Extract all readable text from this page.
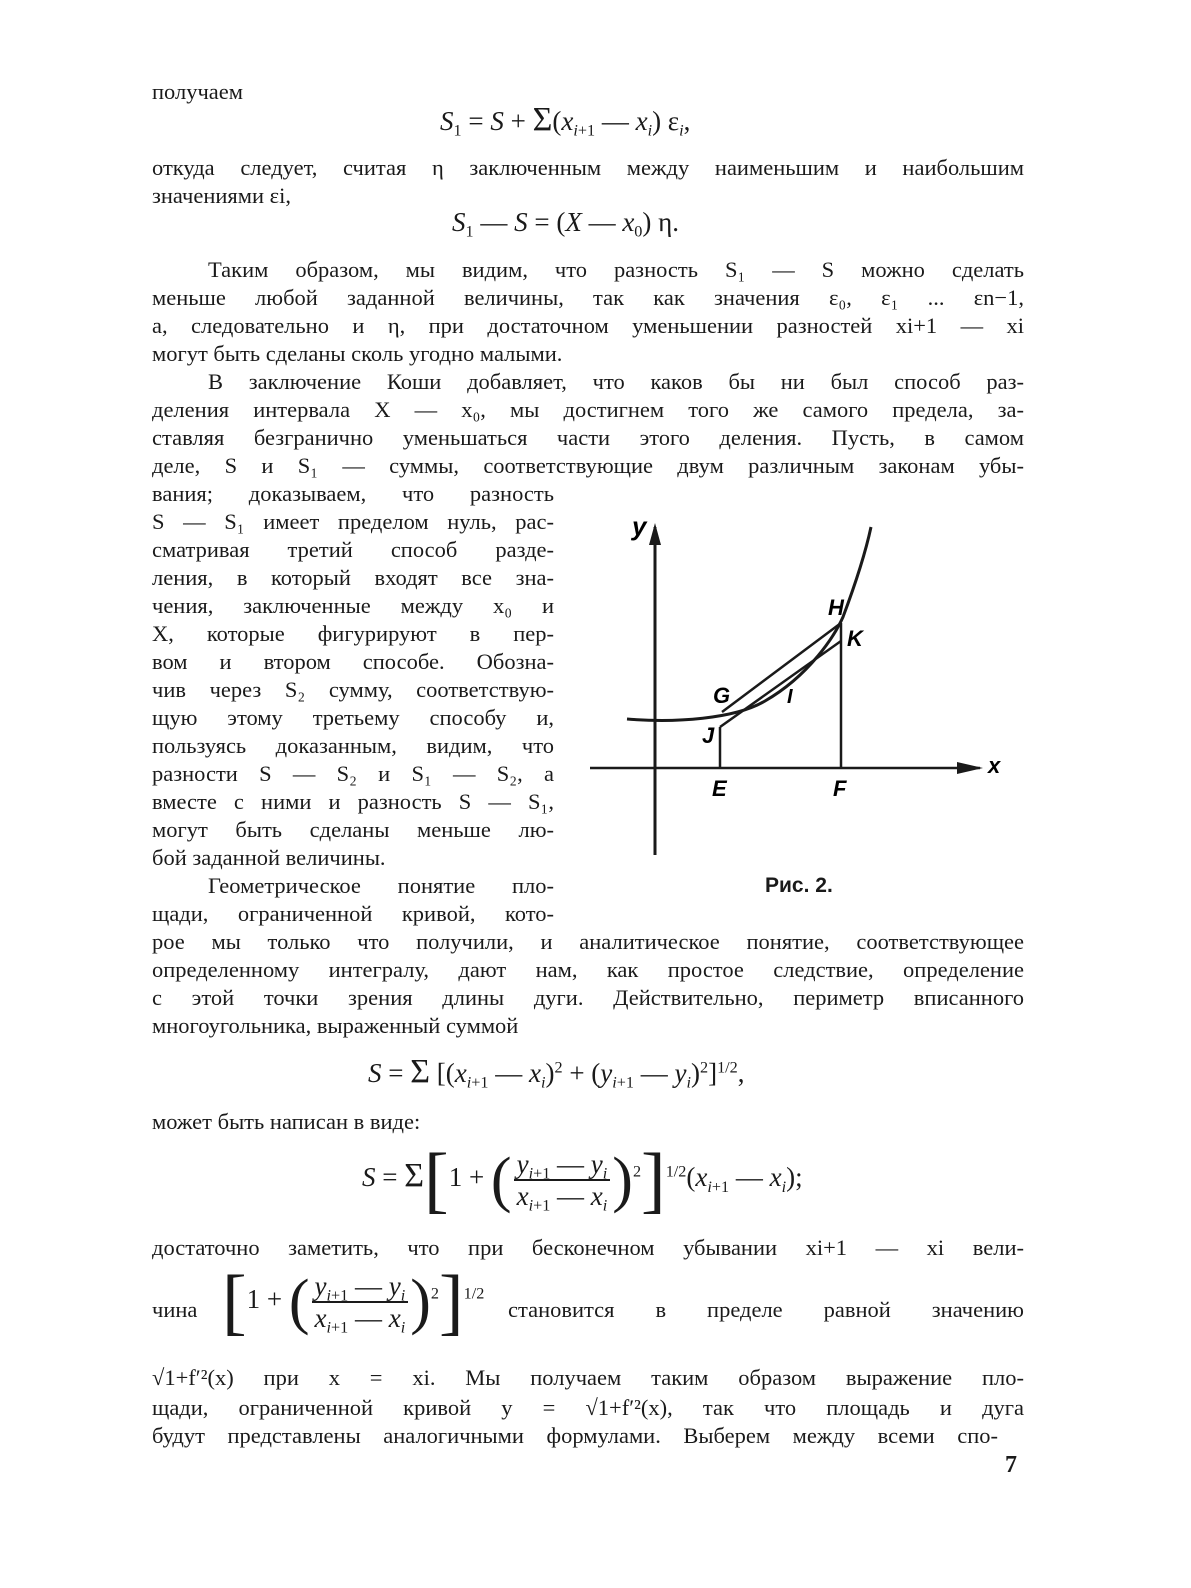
получаем
$S_1 = S + \Sigma(x_{i+1}$ — $x_i$) $\varepsilon_i$,
откуда следует, считая η заключенным между наименьшим и наибольшим
значениями εi,
$S_1$ — S = (X — $x_0$) η.
Таким образом, мы видим, что разность S₁ — S можно сделать
меньше любой заданной величины, так как значения ε₀, ε₁ ... εn−1,
а, следовательно и η, при достаточном уменьшении разностей xi+1 — xi
могут быть сделаны сколь угодно малыми.
В заключение Коши добавляет, что каков бы ни был способ раз-
деления интервала X — x₀, мы достигнем того же самого предела, за-
ставляя безгранично уменьшаться части этого деления. Пусть, в самом
деле, S и S₁ — суммы, соответствующие двум различным законам убы-
вания; доказываем, что разность
S — S₁ имеет пределом нуль, рас-
сматривая третий способ разде-
ления, в который входят все зна-
чения, заключенные между x₀ и
X, которые фигурируют в пер-
вом и втором способе. Обозна-
чив через S₂ сумму, соответствую-
щую этому третьему способу и,
пользуясь доказанным, видим, что
разности S — S₂ и S₁ — S₂, а
вместе с ними и разность S — S₁,
могут быть сделаны меньше лю-
бой заданной величины.
Геометрическое понятие пло-
щади, ограниченной кривой, кото-
y
x
H
K
G	I
J
E	F
Рис. 2.
рое мы только что получили, и аналитическое понятие, соответствующее
определенному интегралу, дают нам, как простое следствие, определение
с этой точки зрения длины дуги. Действительно, периметр вписанного
многоугольника, выраженный суммой
S = Σ [($x_{i+1}$ — $x_i)^2 + (y_{i+1}$ — $y_i)^2]^{1/2}$,
может быть написан в виде:
S = Σ[1 + ( $\frac{y_{i+1} — y_i}{x_{i+1} — x_i} )^2]^{1/2}(x_{i+1}$ — $x_i$);
достаточно заметить, что при бесконечном убывании xi+1 — xi вели-
чина [1 + ( $\frac{y_{i+1} — y_i}{x_{i+1} — x_i} )^2]^{1/2}$
становится в пределе равной значению
√1+f′²(x) при x = xi. Мы получаем таким образом выражение пло-
щади, ограниченной кривой y = √1+f′²(x), так что площадь и дуга
будут представлены аналогичными формулами. Выберем между всеми спо-
7
